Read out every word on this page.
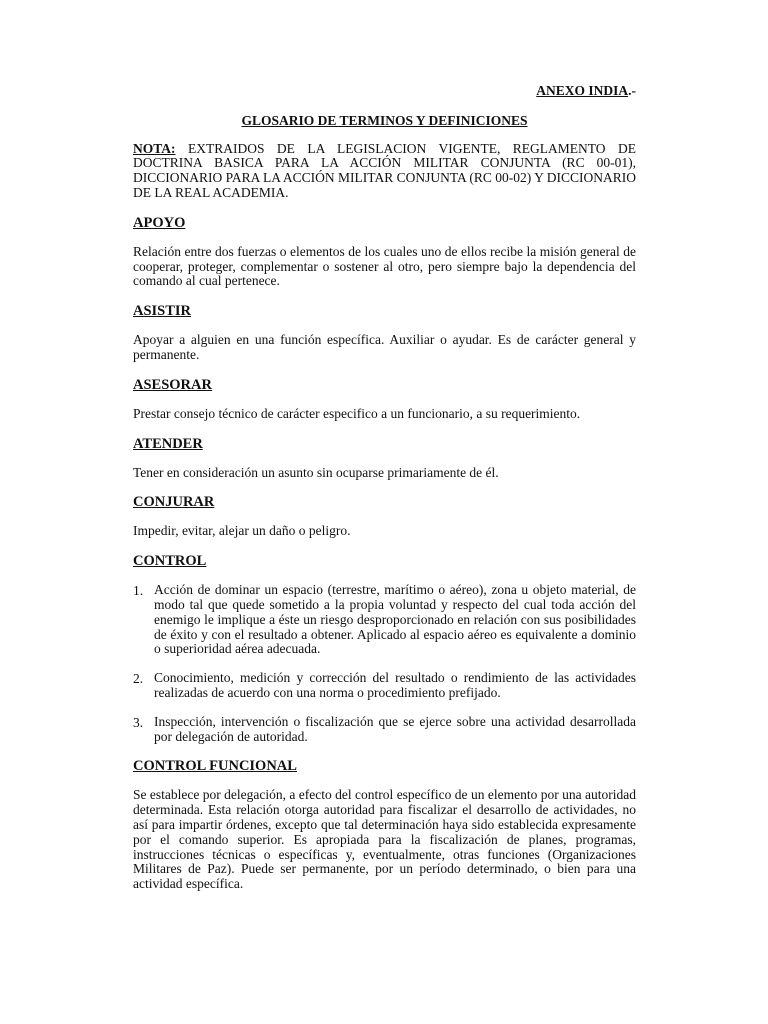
ANEXO INDIA.-

GLOSARIO DE TERMINOS Y DEFINICIONES

NOTA: EXTRAIDOS DE LA LEGISLACION VIGENTE, REGLAMENTO DE DOCTRINA BASICA PARA LA ACCIÓN MILITAR CONJUNTA (RC 00-01), DICCIONARIO PARA LA ACCIÓN MILITAR CONJUNTA (RC 00-02) Y DICCIONARIO DE LA REAL ACADEMIA.

APOYO

Relación entre dos fuerzas o elementos de los cuales uno de ellos recibe la misión general de cooperar, proteger, complementar o sostener al otro, pero siempre bajo la dependencia del comando al cual pertenece.

ASISTIR

Apoyar a alguien en una función específica. Auxiliar o ayudar. Es de carácter general y permanente.

ASESORAR

Prestar consejo técnico de carácter especifico a un funcionario, a su requerimiento.

ATENDER

Tener en consideración un asunto sin ocuparse primariamente de él.

CONJURAR

Impedir, evitar, alejar un daño o peligro.

CONTROL
1. Acción de dominar un espacio (terrestre, marítimo o aéreo), zona u objeto material, de modo tal que quede sometido a la propia voluntad y respecto del cual toda acción del enemigo le implique a éste un riesgo desproporcionado en relación con sus posibilidades de éxito y con el resultado a obtener. Aplicado al espacio aéreo es equivalente a dominio o superioridad aérea adecuada.
2. Conocimiento, medición y corrección del resultado o rendimiento de las actividades realizadas de acuerdo con una norma o procedimiento prefijado.
3. Inspección, intervención o fiscalización que se ejerce sobre una actividad desarrollada por delegación de autoridad.
CONTROL FUNCIONAL

Se establece por delegación, a efecto del control específico de un elemento por una autoridad determinada. Esta relación otorga autoridad para fiscalizar el desarrollo de actividades, no así para impartir órdenes, excepto que tal determinación haya sido establecida expresamente por el comando superior. Es apropiada para la fiscalización de planes, programas, instrucciones técnicas o específicas y, eventualmente, otras funciones (Organizaciones Militares de Paz). Puede ser permanente, por un período determinado, o bien para una actividad específica.
